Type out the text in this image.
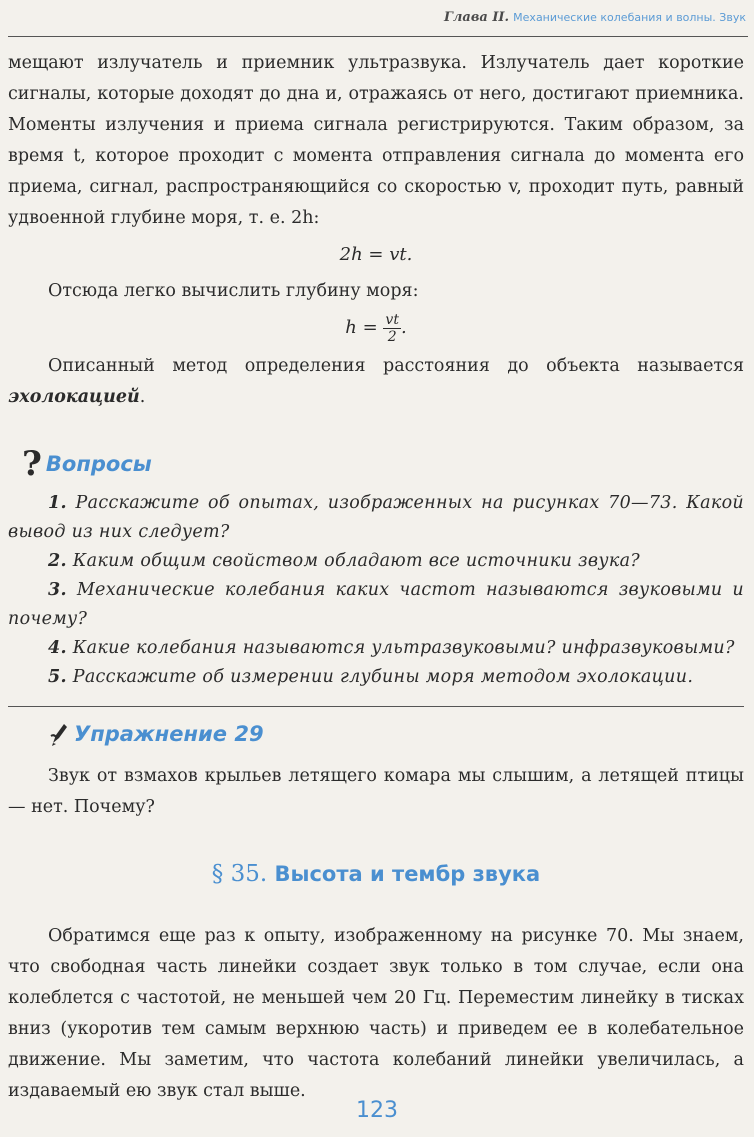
Глава II. Механические колебания и волны. Звук

мещают излучатель и приемник ультразвука. Излучатель дает короткие сигналы, которые доходят до дна и, отражаясь от него, достигают приемника. Моменты излучения и приема сигнала регистрируются. Таким образом, за время t, которое проходит с момента отправления сигнала до момента его приема, сигнал, распространяющийся со скоростью v, проходит путь, равный удвоенной глубине моря, т. е. 2h:

2h = vt.

Отсюда легко вычислить глубину моря:

$h = \frac{vt}{2}$ .

Описанный метод определения расстояния до объекта называется эхолокацией.

? Вопросы

1. Расскажите об опытах, изображенных на рисунках 70—73. Какой вывод из них следует?

2. Каким общим свойством обладают все источники звука?

3. Механические колебания каких частот называются звуковыми и почему?

4. Какие колебания называются ультразвуковыми? инфразвуковыми?

5. Расскажите об измерении глубины моря методом эхолокации.

Упражнение 29

Звук от взмахов крыльев летящего комара мы слышим, а летящей птицы — нет. Почему?

§ 35. Высота и тембр звука

Обратимся еще раз к опыту, изображенному на рисунке 70. Мы знаем, что свободная часть линейки создает звук только в том случае, если она колеблется с частотой, не меньшей чем 20 Гц. Переместим линейку в тисках вниз (укоротив тем самым верхнюю часть) и приведем ее в колебательное движение. Мы заметим, что частота колебаний линейки увеличилась, а издаваемый ею звук стал выше.

123
